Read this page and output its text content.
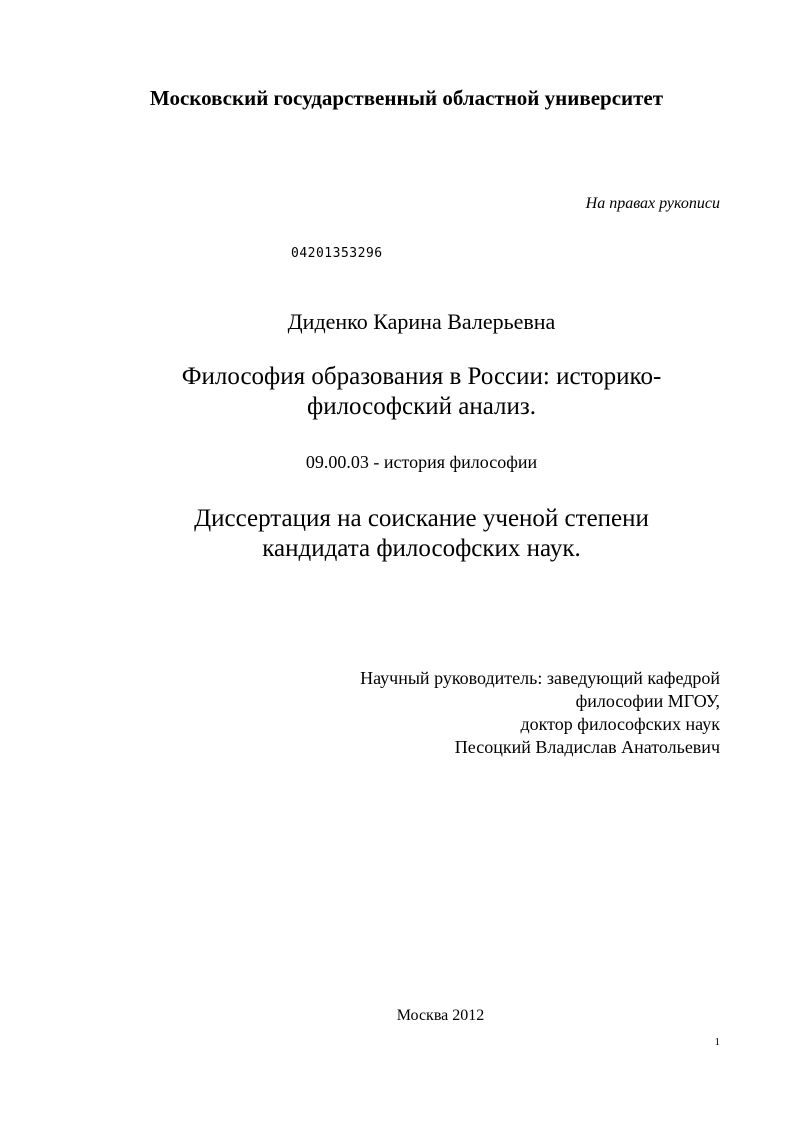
Московский государственный областной университет
На правах рукописи
04201353296
Диденко Карина Валерьевна
Философия образования в России: историко-
философский анализ.
09.00.03 - история философии
Диссертация на соискание ученой степени
кандидата философских наук.
Научный руководитель: заведующий кафедрой
философии МГОУ,
доктор философских наук
Песоцкий Владислав Анатольевич
Москва 2012
1
